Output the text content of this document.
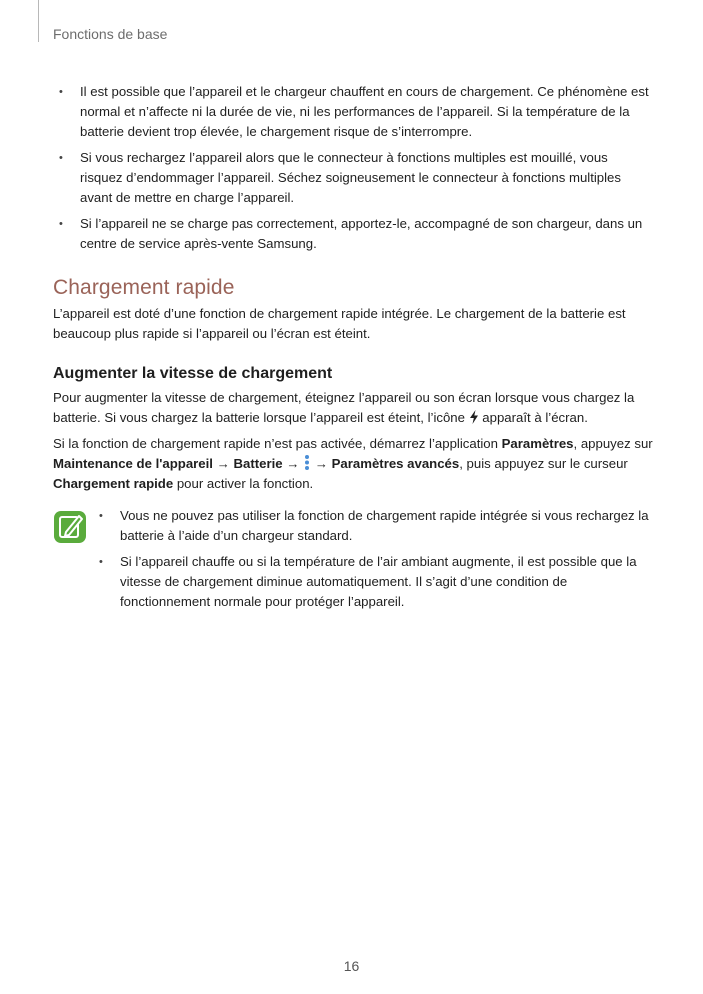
Fonctions de base
• Il est possible que l’appareil et le chargeur chauffent en cours de chargement. Ce phénomène est normal et n’affecte ni la durée de vie, ni les performances de l’appareil. Si la température de la batterie devient trop élevée, le chargement risque de s’interrompre.
• Si vous rechargez l’appareil alors que le connecteur à fonctions multiples est mouillé, vous risquez d’endommager l’appareil. Séchez soigneusement le connecteur à fonctions multiples avant de mettre en charge l’appareil.
• Si l’appareil ne se charge pas correctement, apportez-le, accompagné de son chargeur, dans un centre de service après-vente Samsung.
Chargement rapide

L’appareil est doté d’une fonction de chargement rapide intégrée. Le chargement de la batterie est beaucoup plus rapide si l’appareil ou l’écran est éteint.

Augmenter la vitesse de chargement

Pour augmenter la vitesse de chargement, éteignez l’appareil ou son écran lorsque vous chargez la batterie. Si vous chargez la batterie lorsque l’appareil est éteint, l’icône  apparaît à l’écran.

Si la fonction de chargement rapide n’est pas activée, démarrez l’application Paramètres, appuyez sur Maintenance de l'appareil → Batterie →  → Paramètres avancés, puis appuyez sur le curseur Chargement rapide pour activer la fonction.

• Vous ne pouvez pas utiliser la fonction de chargement rapide intégrée si vous rechargez la batterie à l’aide d’un chargeur standard.
• Si l’appareil chauffe ou si la température de l’air ambiant augmente, il est possible que la vitesse de chargement diminue automatiquement. Il s’agit d’une condition de fonctionnement normale pour protéger l’appareil.
16
